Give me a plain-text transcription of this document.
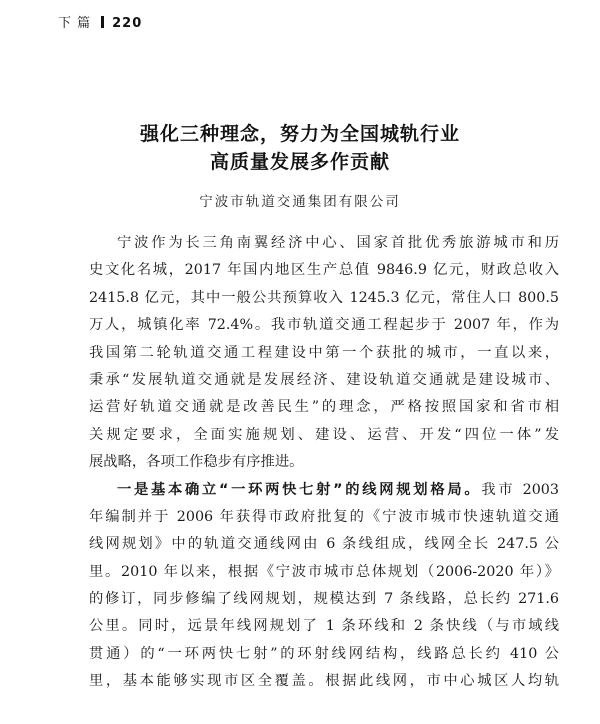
下 篇 220
强化三种理念，努力为全国城轨行业
高质量发展多作贡献
宁波市轨道交通集团有限公司
宁波作为长三角南翼经济中心、国家首批优秀旅游城市和历
史文化名城，2017 年国内地区生产总值 9846.9 亿元，财政总收入
2415.8 亿元，其中一般公共预算收入 1245.3 亿元，常住人口 800.5
万人，城镇化率 72.4%。我市轨道交通工程起步于 2007 年，作为
我国第二轮轨道交通工程建设中第一个获批的城市，一直以来，
秉承“发展轨道交通就是发展经济、建设轨道交通就是建设城市、
运营好轨道交通就是改善民生”的理念，严格按照国家和省市相
关规定要求，全面实施规划、建设、运营、开发“四位一体”发
展战略，各项工作稳步有序推进。
一是基本确立“一环两快七射”的线网规划格局。我市 2003
年编制并于 2006 年获得市政府批复的《宁波市城市快速轨道交通
线网规划》中的轨道交通线网由 6 条线组成，线网全长 247.5 公
里。2010 年以来，根据《宁波市城市总体规划（2006-2020 年）》
的修订，同步修编了线网规划，规模达到 7 条线路，总长约 271.6
公里。同时，远景年线网规划了 1 条环线和 2 条快线（与市域线
贯通）的“一环两快七射”的环射线网结构，线路总长约 410 公
里，基本能够实现市区全覆盖。根据此线网，市中心城区人均轨
